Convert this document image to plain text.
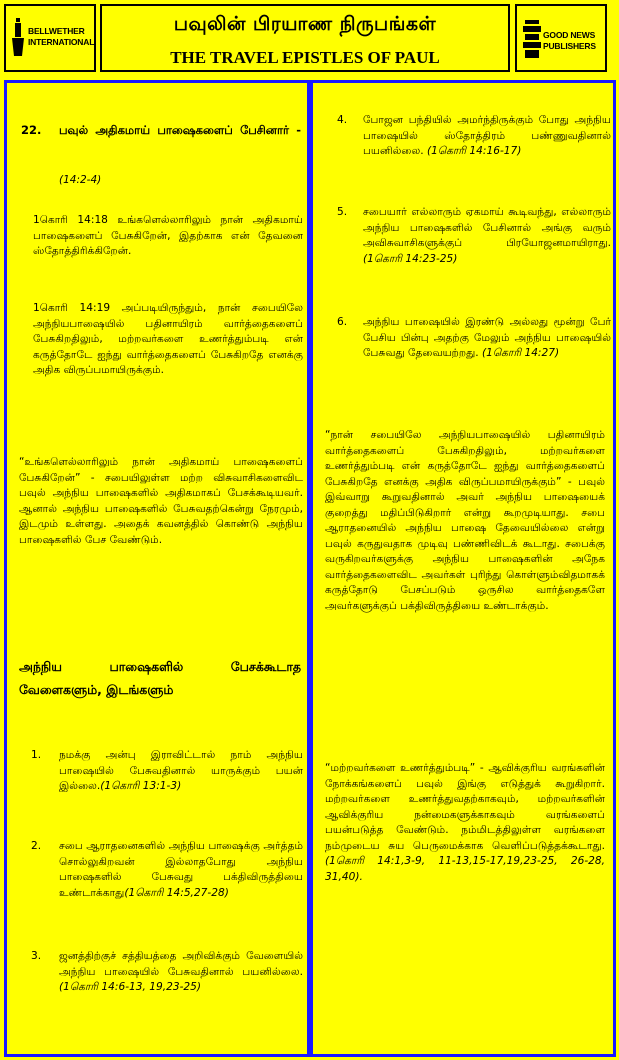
BELLWETHER INTERNATIONAL
பவுலின் பிரயாண நிருபங்கள்
THE TRAVEL EPISTLES OF PAUL
GOOD NEWS PUBLISHERS
22. பவுல் அதிகமாய் பாஷைகளைப் பேசினார் -
(14:2-4)
1கொரி 14:18 உங்களெல்லாரிலும் நான் அதிகமாய் பாஷைகளைப் பேசுகிறேன், இதற்காக என் தேவனை ஸ்தோத்திரிக்கிறேன்.
1கொரி 14:19 அப்படியிருந்தும், நான் சபையிலே அந்நியபாஷையில் பதினாயிரம் வார்த்தைகளைப் பேசுகிறதிலும், மற்றவர்களை உணர்த்தும்படி என் கருத்தோடே ஐந்து வார்த்தைகளைப் பேசுகிறதே எனக்கு அதிக விருப்பமாயிருக்கும்.
“உங்களெல்லாரிலும் நான் அதிகமாய் பாஷைகளைப் பேசுகிறேன்” - சபையிலுள்ள மற்ற விசுவாசிகளைவிட பவுல் அந்நிய பாஷைகளில் அதிகமாகப் பேசக்கூடியவர். ஆனால் அந்நிய பாஷைகளில் பேசுவதற்கென்று நேரமும், இடமும் உள்ளது. அதைக் கவனத்தில் கொண்டு அந்நிய பாஷைகளில் பேச வேண்டும்.
அந்நிய பாஷைகளில் பேசக்கூடாத வேளைகளும், இடங்களும்
1. நமக்கு அன்பு இராவிட்டால் நாம் அந்நிய பாஷையில் பேசுவதினால் யாருக்கும் பயன் இல்லை.(1கொரி 13:1-3)
2. சபை ஆராதனைகளில் அந்நிய பாஷைக்கு அர்த்தம் சொல்லுகிறவன் இல்லாதபோது அந்நிய பாஷைகளில் பேசுவது பக்திவிருத்தியை உண்டாக்காது(1கொரி 14:5,27-28)
3. ஜனத்திற்குச் சத்தியத்தை அறிவிக்கும் வேளையில் அந்நிய பாஷையில் பேசுவதினால் பயனில்லை. (1கொரி 14:6-13, 19,23-25)
4. போஜன பந்தியில் அமர்ந்திருக்கும் போது அந்நிய பாஷையில் ஸ்தோத்திரம் பண்ணுவதினால் பயனில்லை. (1கொரி 14:16-17)
5. சபையார் எல்லாரும் ஏகமாய் கூடிவந்து, எல்லாரும் அந்நிய பாஷைகளில் பேசினால் அங்கு வரும் அவிசுவாசிகளுக்குப் பிரயோஜனமாயிராது. (1கொரி 14:23-25)
6. அந்நிய பாஷையில் இரண்டு அல்லது மூன்று பேர் பேசிய பின்பு அதற்கு மேலும் அந்நிய பாஷையில் பேசுவது தேவையற்றது. (1கொரி 14:27)
“நான் சபையிலே அந்நியபாஷையில் பதினாயிரம் வார்த்தைகளைப் பேசுகிறதிலும், மற்றவர்களை உணர்த்தும்படி என் கருத்தோடே ஐந்து வார்த்தைகளைப் பேசுகிறதே எனக்கு அதிக விருப்பமாயிருக்கும்” - பவுல் இவ்வாறு கூறுவதினால் அவர் அந்நிய பாஷையைக் குறைத்து மதிப்பிடுகிறார் என்று கூறமுடியாது. சபை ஆராதனையில் அந்நிய பாஷை தேவையில்லை என்று பவுல் கருதுவதாக முடிவு பண்ணிவிடக் கூடாது. சபைக்கு வருகிறவர்களுக்கு அந்நிய பாஷைகளின் அநேக வார்த்தைகளைவிட அவர்கள் புரிந்து கொள்ளும்விதமாகக் கருத்தோடு பேசப்படும் ஒருசில வார்த்தைகளே அவர்களுக்குப் பக்திவிருத்தியை உண்டாக்கும்.
“மற்றவர்களை உணர்த்தும்படி” - ஆவிக்குரிய வரங்களின் நோக்கங்களைப் பவுல் இங்கு எடுத்துக் கூறுகிறார். மற்றவர்களை உணர்த்துவதற்காகவும், மற்றவர்களின் ஆவிக்குரிய நன்மைகளுக்காகவும் வரங்களைப் பயன்படுத்த வேண்டும். நம்மிடத்திலுள்ள வரங்களை நம்முடைய சுய பெருமைக்காக வெளிப்படுத்தக்கூடாது. (1கொரி 14:1,3-9, 11-13,15-17,19,23-25, 26-28, 31,40).
